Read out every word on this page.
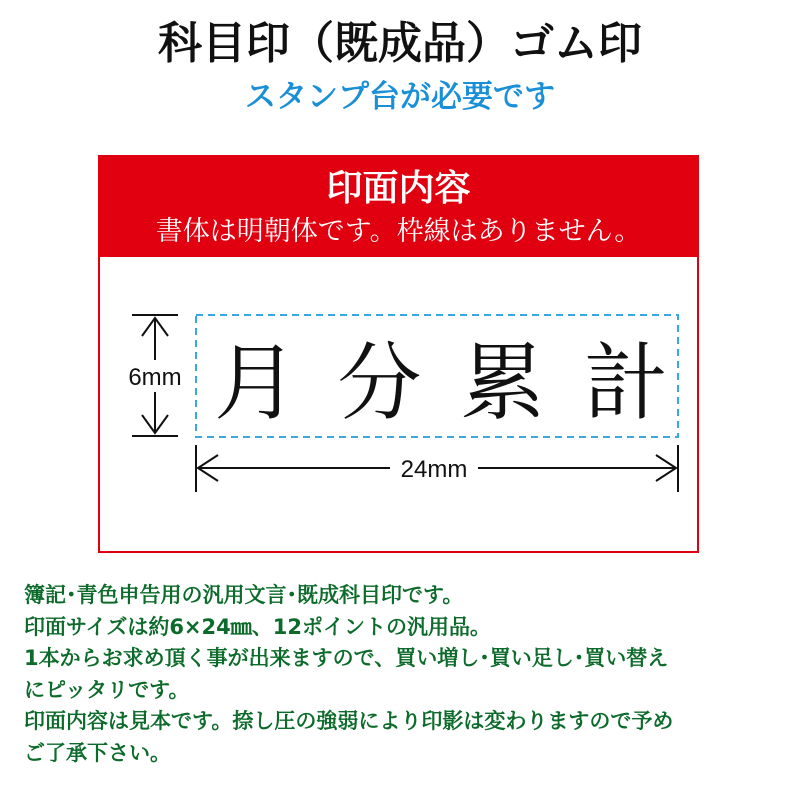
科目印（既成品）ゴム印
スタンプ台が必要です
印面内容
書体は明朝体です。枠線はありません。
6mm
24mm
月 分 累 計
簿記･青色申告用の汎用文言･既成科目印です。
印面サイズは約6×24㎜、12ポイントの汎用品。
1本からお求め頂く事が出来ますので、買い増し･買い足し･買い替え
にピッタリです。
印面内容は見本です。捺し圧の強弱により印影は変わりますので予め
ご了承下さい。
